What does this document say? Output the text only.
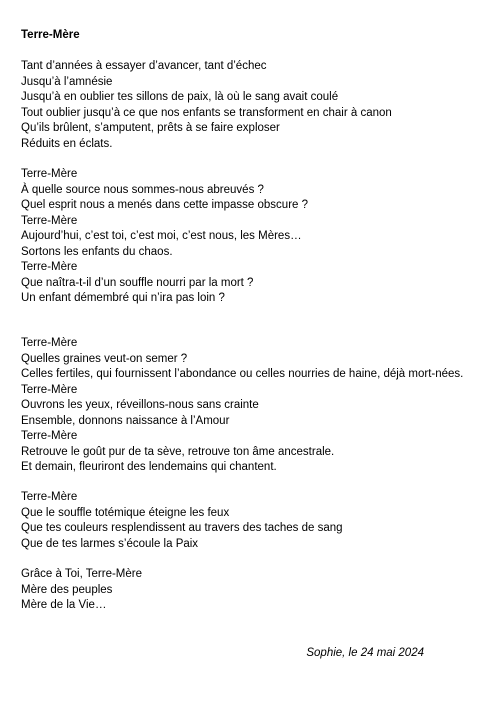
Terre-Mère
Tant d’années à essayer d’avancer, tant d’échec
Jusqu’à l’amnésie
Jusqu’à en oublier tes sillons de paix, là où le sang avait coulé
Tout oublier jusqu’à ce que nos enfants se transforment en chair à canon
Qu’ils brûlent, s’amputent, prêts à se faire exploser
Réduits en éclats.
Terre-Mère
À quelle source nous sommes-nous abreuvés ?
Quel esprit nous a menés dans cette impasse obscure ?
Terre-Mère
Aujourd’hui, c’est toi, c’est moi, c’est nous, les Mères…
Sortons les enfants du chaos.
Terre-Mère
Que naîtra-t-il d’un souffle nourri par la mort ?
Un enfant démembré qui n’ira pas loin ?
Terre-Mère
Quelles graines veut-on semer ?
Celles fertiles, qui fournissent l’abondance ou celles nourries de haine, déjà mort-nées.
Terre-Mère
Ouvrons les yeux, réveillons-nous sans crainte
Ensemble, donnons naissance à l’Amour
Terre-Mère
Retrouve le goût pur de ta sève, retrouve ton âme ancestrale.
Et demain, fleuriront des lendemains qui chantent.
Terre-Mère
Que le souffle totémique éteigne les feux
Que tes couleurs resplendissent au travers des taches de sang
Que de tes larmes s’écoule la Paix
Grâce à Toi, Terre-Mère
Mère des peuples
Mère de la Vie…
Sophie, le 24 mai 2024
